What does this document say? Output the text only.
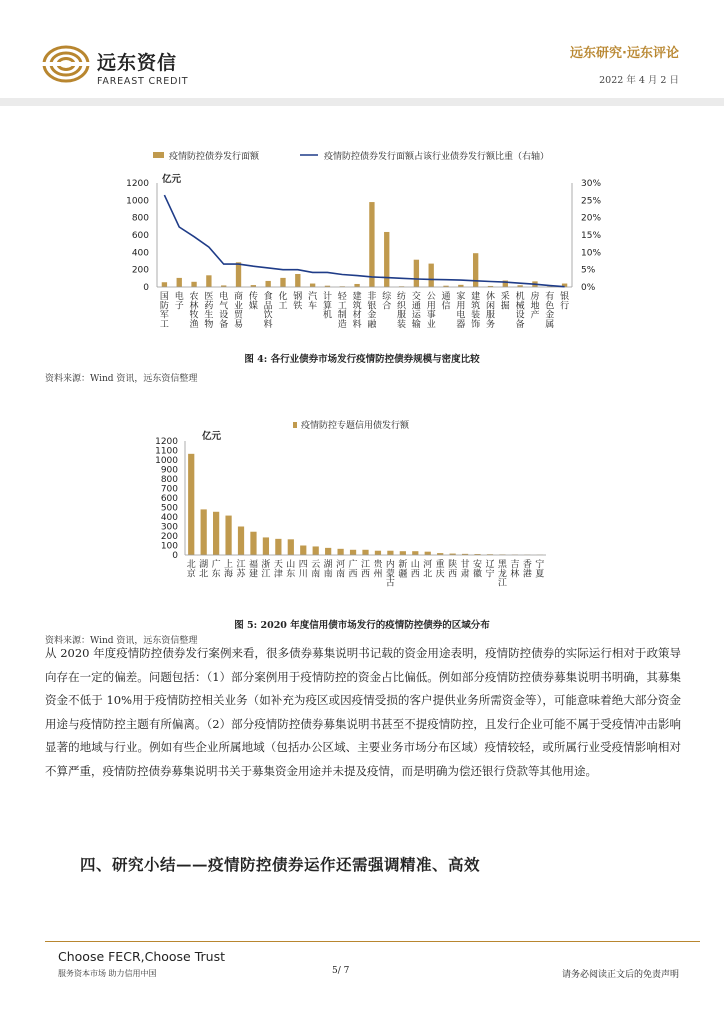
远东资信
FAREAST CREDIT
远东研究·远东评论
2022 年 4 月 2 日
疫情防控债券发行面额	疫情防控债券发行面额占该行业债券发行额比重（右轴）
亿元
0
200
400
600
800
1000
1200
0%
5%
10%
15%
20%
25%
30%
国防军工
电子
农林牧渔
医药生物
电气设备
商业贸易
传媒
食品饮料
化工
钢铁
汽车
计算机
轻工制造
建筑材料
非银金融
综合
纺织服装
交通运输
公用事业
通信
家用电器
建筑装饰
休闲服务
采掘
机械设备
房地产
有色金属
银行
图 4: 各行业债券市场发行疫情防控债券规模与密度比较
资料来源：Wind 资讯，远东资信整理
疫情防控专题信用债发行额
亿元
0
100
200
300
400
500
600
700
800
900
1000
1100
1200
北京
湖北
广东
上海
江苏
福建
浙江
天津
山东
四川
云南
湖南
河南
广西
江西
贵州
内蒙古
新疆
山西
河北
重庆
陕西
甘肃
安徽
辽宁
黑龙江
吉林
香港
宁夏
图 5: 2020 年度信用债市场发行的疫情防控债券的区域分布
资料来源：Wind 资讯，远东资信整理
从 2020 年度疫情防控债券发行案例来看，很多债券募集说明书记载的资金用途表明，疫情防控债券的实际运行相对于政策导向存在一定的偏差。问题包括：（1）部分案例用于疫情防控的资金占比偏低。例如部分疫情防控债券募集说明书明确，其募集资金不低于 10%用于疫情防控相关业务（如补充为疫区或因疫情受损的客户提供业务所需资金等），可能意味着绝大部分资金用途与疫情防控主题有所偏离。（2）部分疫情防控债券募集说明书甚至不提疫情防控，且发行企业可能不属于受疫情冲击影响显著的地域与行业。例如有些企业所属地域（包括办公区域、主要业务市场分布区域）疫情较轻，或所属行业受疫情影响相对不算严重，疫情防控债券募集说明书关于募集资金用途并未提及疫情，而是明确为偿还银行贷款等其他用途。
四、研究小结——疫情防控债券运作还需强调精准、高效
Choose FECR,Choose Trust
服务资本市场 助力信用中国	5/ 7	请务必阅读正文后的免责声明
